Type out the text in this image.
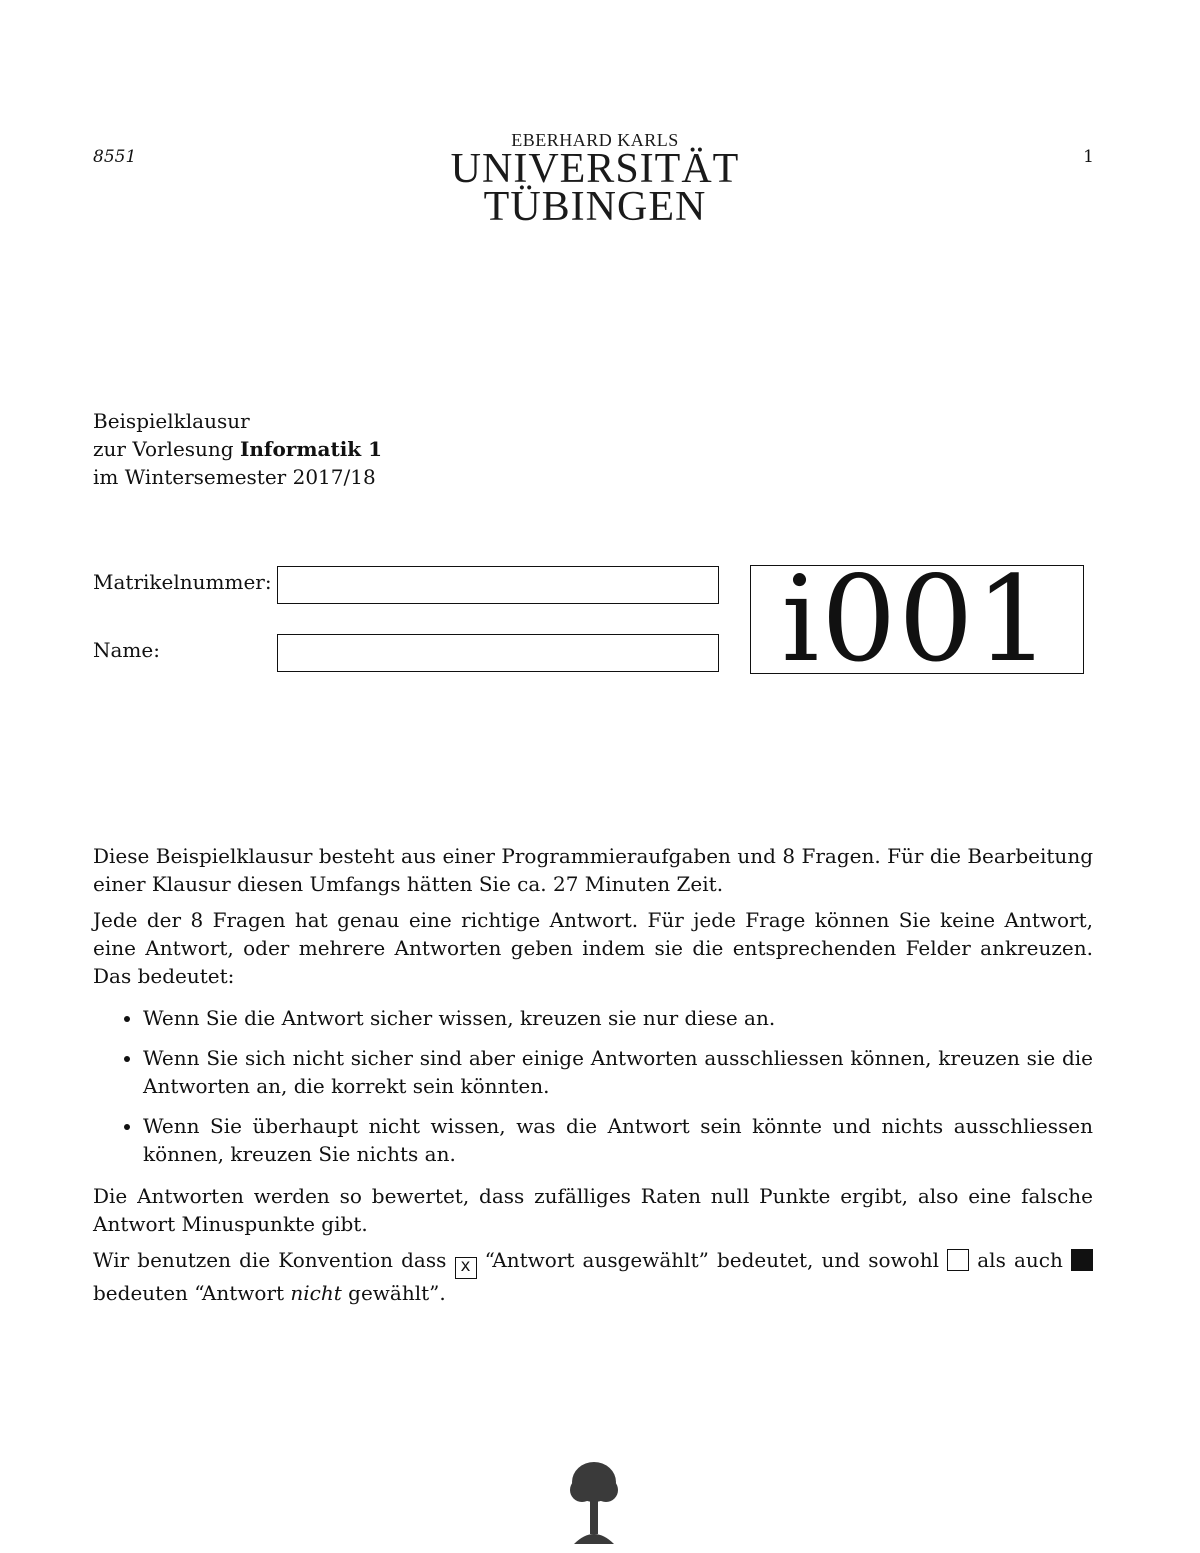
8551	1
EBERHARD KARLS
UNIVERSITÄT
TÜBINGEN
Beispielklausur
zur Vorlesung Informatik 1
im Wintersemester 2017/18
Matrikelnummer:
Name:	i001

Diese Beispielklausur besteht aus einer Programmieraufgaben und 8 Fragen. Für die Bearbeitung einer Klausur diesen Umfangs hätten Sie ca. 27 Minuten Zeit.

Jede der 8 Fragen hat genau eine richtige Antwort. Für jede Frage können Sie keine Antwort, eine Antwort, oder mehrere Antworten geben indem sie die entsprechenden Felder ankreuzen. Das bedeutet:

• Wenn Sie die Antwort sicher wissen, kreuzen sie nur diese an.
• Wenn Sie sich nicht sicher sind aber einige Antworten ausschliessen können, kreuzen sie die Antworten an, die korrekt sein könnten.
• Wenn Sie überhaupt nicht wissen, was die Antwort sein könnte und nichts ausschliessen können, kreuzen Sie nichts an.

Die Antworten werden so bewertet, dass zufälliges Raten null Punkte ergibt, also eine falsche Antwort Minuspunkte gibt.

Wir benutzen die Konvention dass x “Antwort ausgewählt” bedeutet, und sowohl  als auch  bedeuten “Antwort nicht gewählt”.
